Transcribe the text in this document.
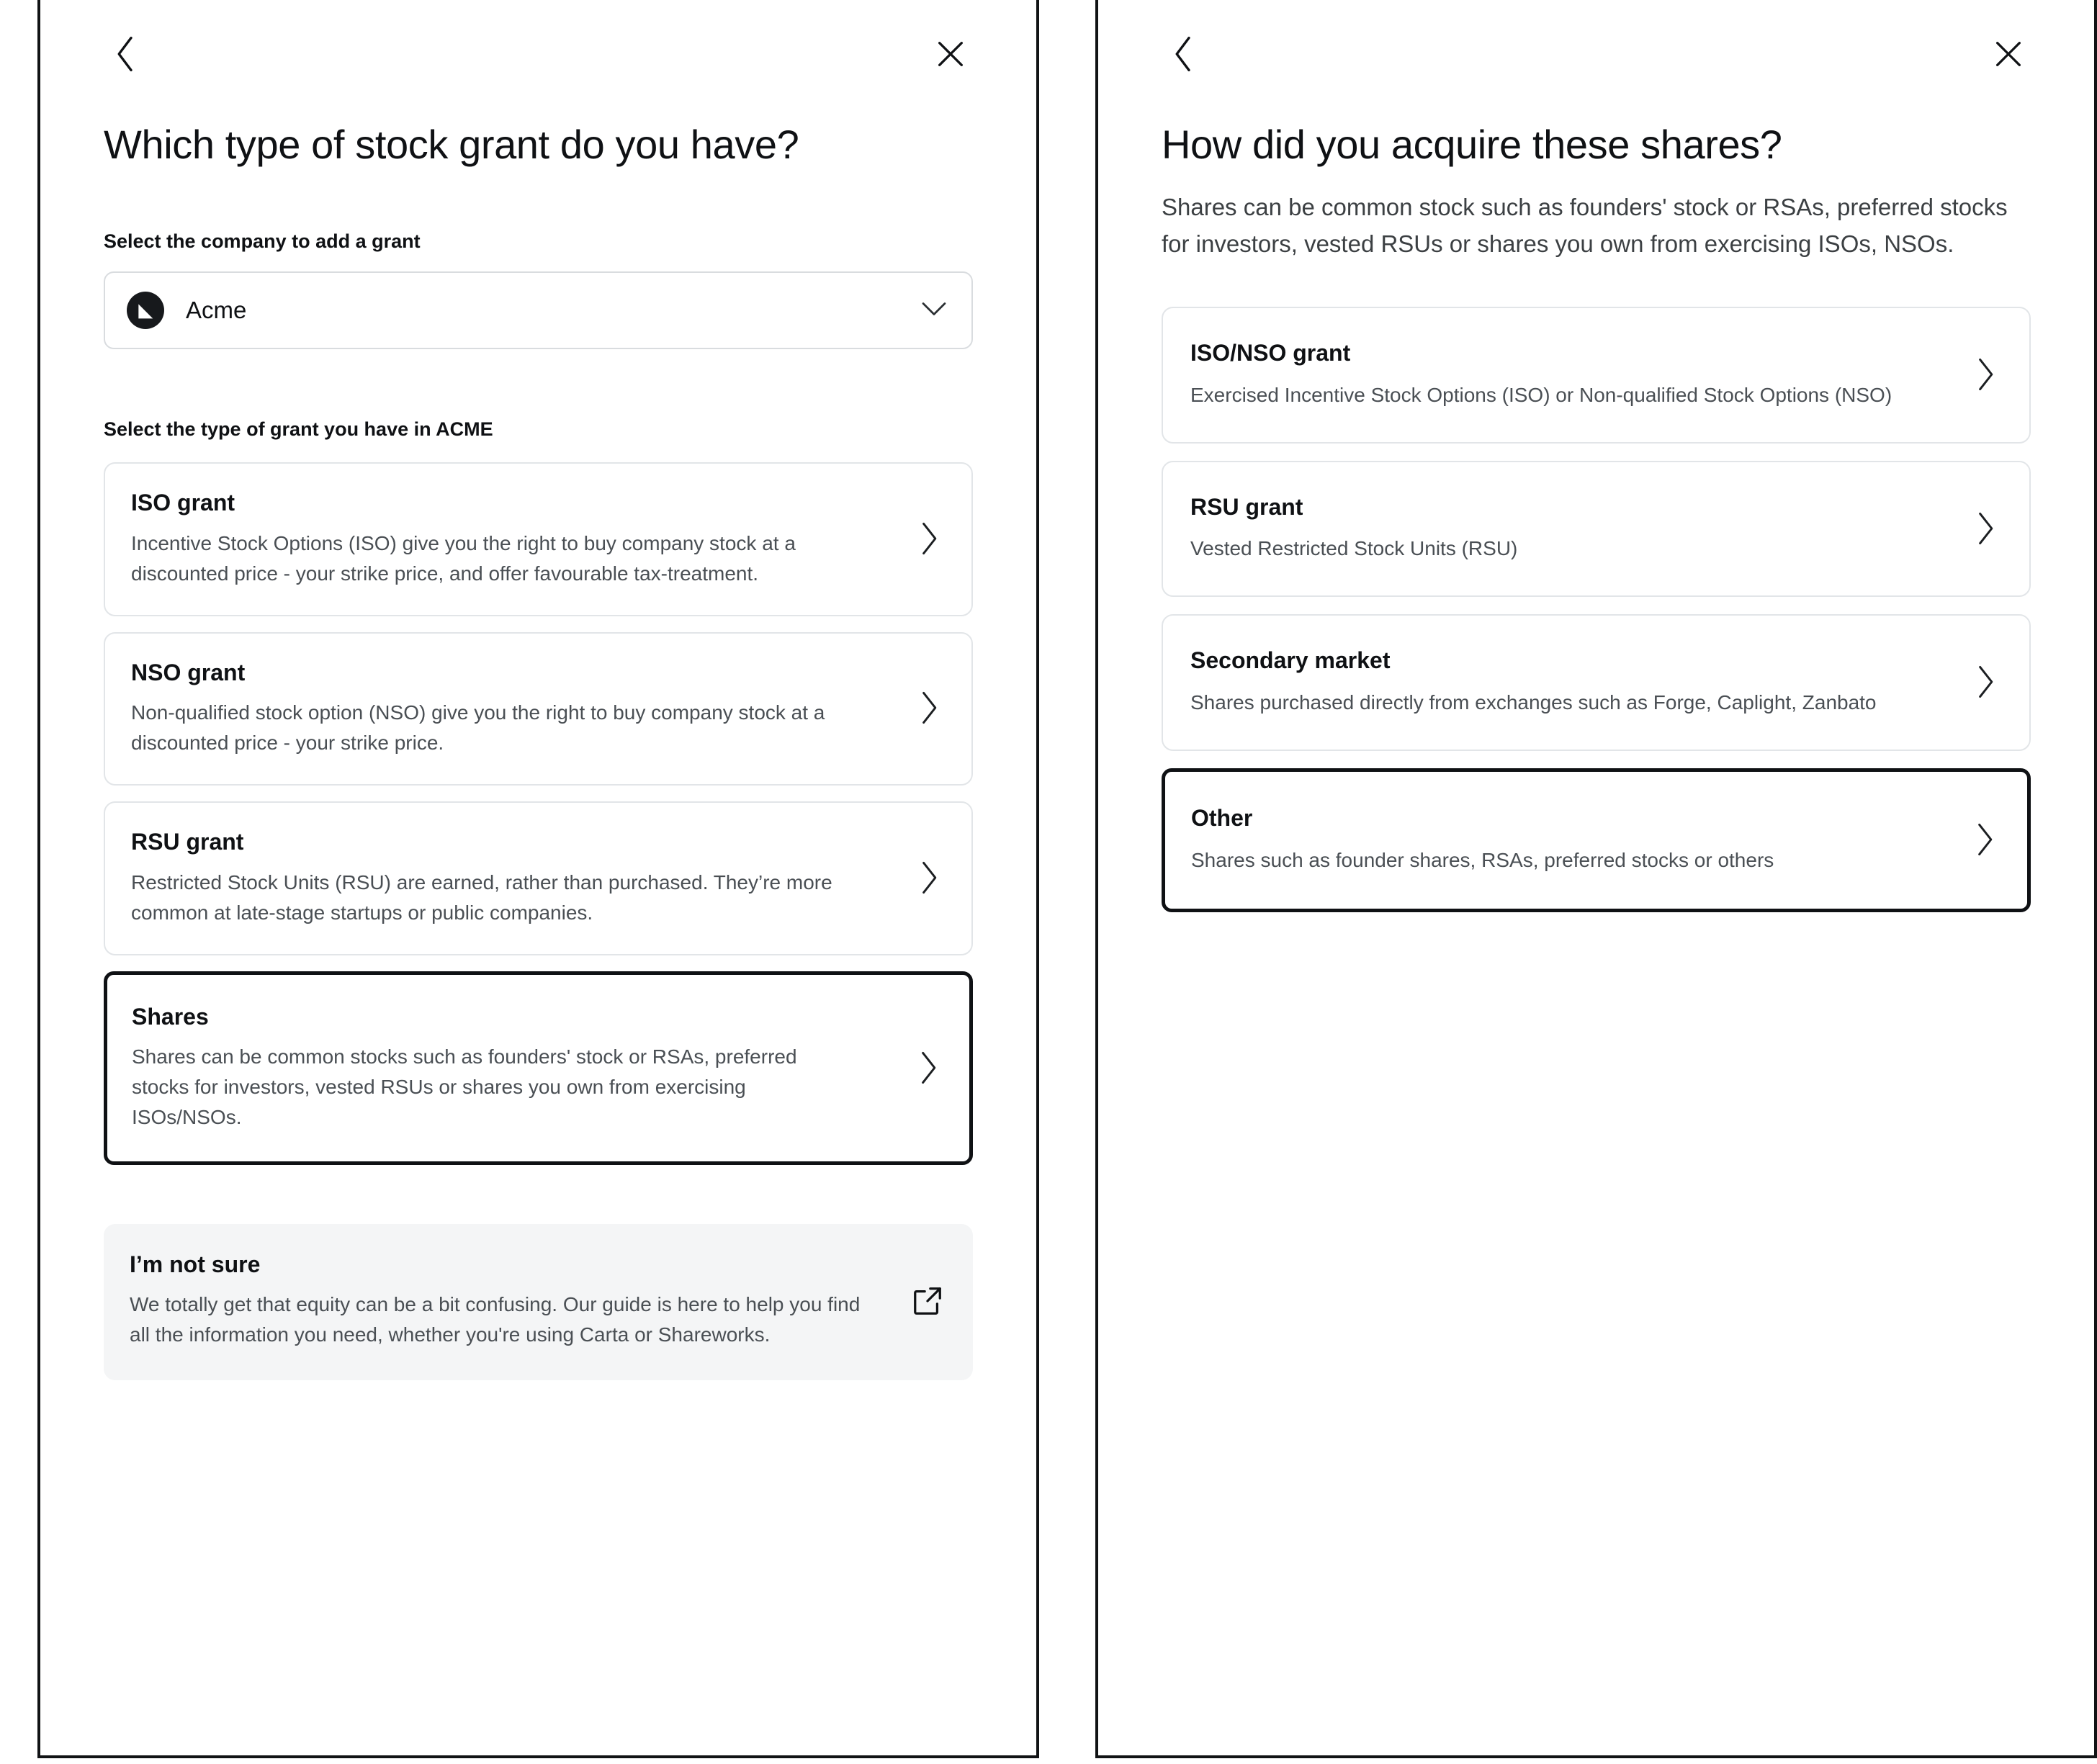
Which type of stock grant do you have?
Select the company to add a grant
◣	Acme
Select the type of grant you have in ACME
ISO grant
Incentive Stock Options (ISO) give you the right to buy company stock at a discounted price - your strike price, and offer favourable tax-treatment.
NSO grant
Non-qualified stock option (NSO) give you the right to buy company stock at a discounted price - your strike price.
RSU grant
Restricted Stock Units (RSU) are earned, rather than purchased. They’re more common at late-stage startups or public companies.
Shares
Shares can be common stocks such as founders' stock or RSAs, preferred stocks for investors, vested RSUs or shares you own from exercising ISOs/NSOs.
I’m not sure
We totally get that equity can be a bit confusing. Our guide is here to help you find all the information you need, whether you're using Carta or Shareworks.
How did you acquire these shares?

Shares can be common stock such as founders' stock or RSAs, preferred stocks for investors, vested RSUs or shares you own from exercising ISOs, NSOs.

ISO/NSO grant
Exercised Incentive Stock Options (ISO) or Non-qualified Stock Options (NSO)
RSU grant
Vested Restricted Stock Units (RSU)
Secondary market
Shares purchased directly from exchanges such as Forge, Caplight, Zanbato
Other
Shares such as founder shares, RSAs, preferred stocks or others
